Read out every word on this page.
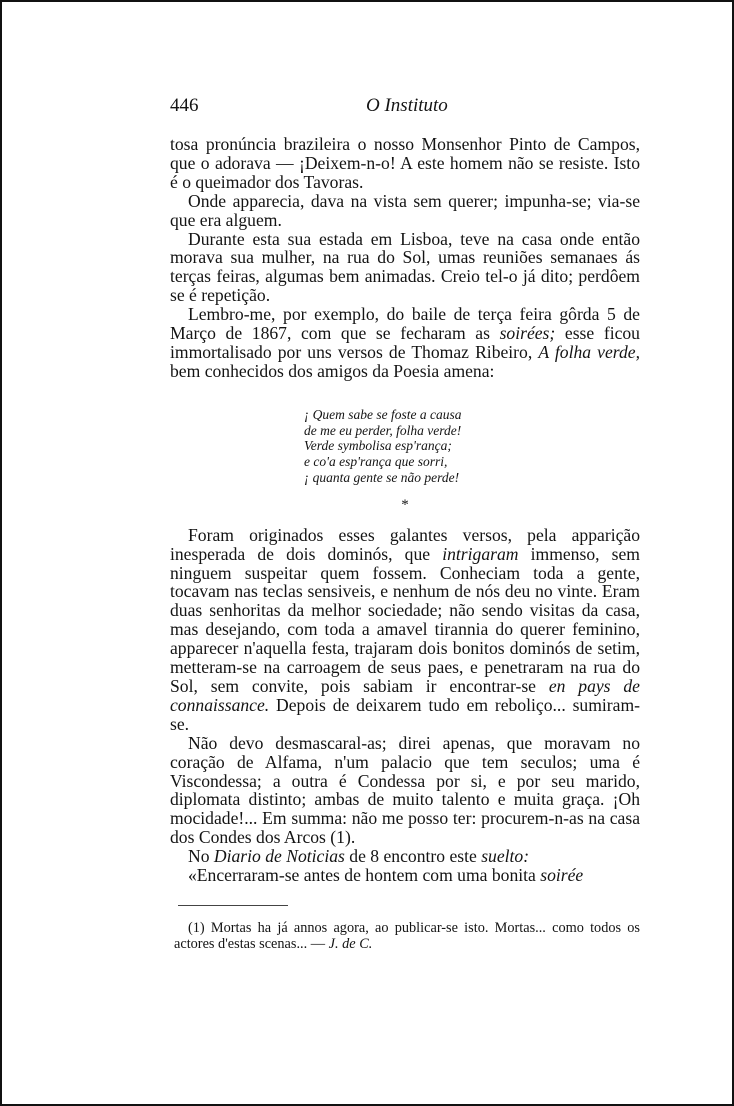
446	O Instituto

tosa pronúncia brazileira o nosso Monsenhor Pinto de Campos, que o adorava — ¡Deixem-n-o! A este homem não se resiste. Isto é o queimador dos Tavoras.

Onde apparecia, dava na vista sem querer; impunha-se; via-se que era alguem.

Durante esta sua estada em Lisboa, teve na casa onde então morava sua mulher, na rua do Sol, umas reuniões semanaes ás terças feiras, algumas bem animadas. Creio tel-o já dito; perdôem se é repetição.

Lembro-me, por exemplo, do baile de terça feira gôrda 5 de Março de 1867, com que se fecharam as soirées; esse ficou immortalisado por uns versos de Thomaz Ribeiro, A folha verde, bem conhecidos dos amigos da Poesia amena:

¡ Quem sabe se foste a causa
de me eu perder, folha verde!
Verde symbolisa esp'rança;
e co'a esp'rança que sorri,
¡ quanta gente se não perde!
*

Foram originados esses galantes versos, pela apparição inesperada de dois dominós, que intrigaram immenso, sem ninguem suspeitar quem fossem. Conheciam toda a gente, tocavam nas teclas sensiveis, e nenhum de nós deu no vinte. Eram duas senhoritas da melhor sociedade; não sendo visitas da casa, mas desejando, com toda a amavel tirannia do querer feminino, apparecer n'aquella festa, trajaram dois bonitos dominós de setim, metteram-se na carroagem de seus paes, e penetraram na rua do Sol, sem convite, pois sabiam ir encontrar-se en pays de connaissance. Depois de deixarem tudo em reboliço... sumiram-se.

Não devo desmascaral-as; direi apenas, que moravam no coração de Alfama, n'um palacio que tem seculos; uma é Viscondessa; a outra é Condessa por si, e por seu marido, diplomata distinto; ambas de muito talento e muita graça. ¡Oh mocidade!... Em summa: não me posso ter: procurem-n-as na casa dos Condes dos Arcos (1).

No Diario de Noticias de 8 encontro este suelto:

«Encerraram-se antes de hontem com uma bonita soirée

(1) Mortas ha já annos agora, ao publicar-se isto. Mortas... como todos os actores d'estas scenas... — J. de C.
